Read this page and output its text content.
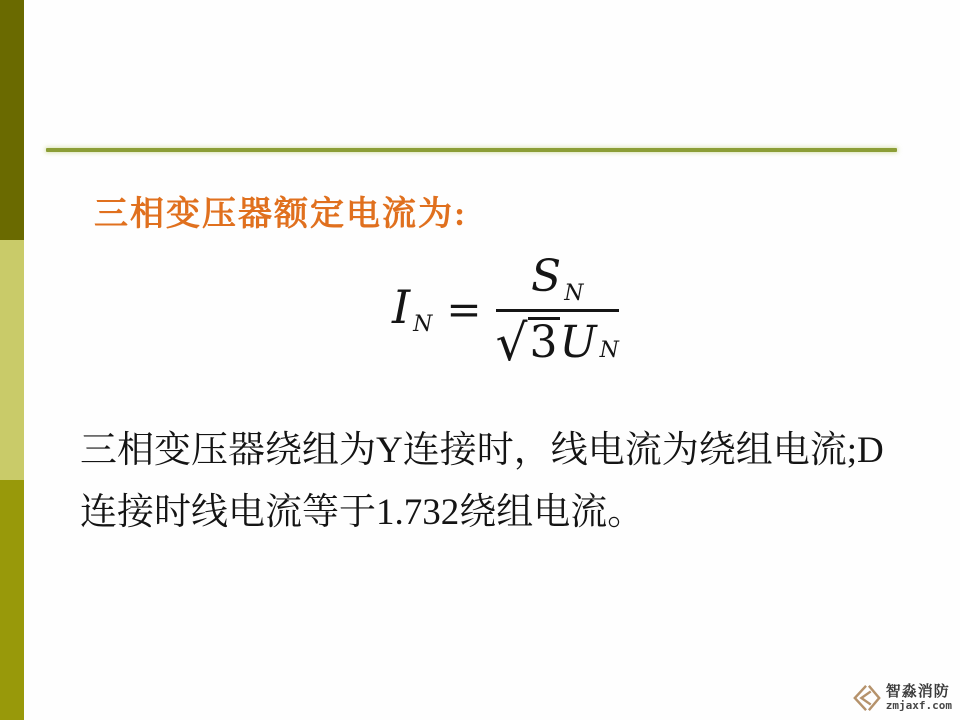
三相变压器额定电流为:
I $_N = \frac{S _N}{\text{√ 3 U N}}$
三相变压器绕组为Y连接时，线电流为绕组电流;D
连接时线电流等于1.732绕组电流。
智淼消防
zmjaxf.com
